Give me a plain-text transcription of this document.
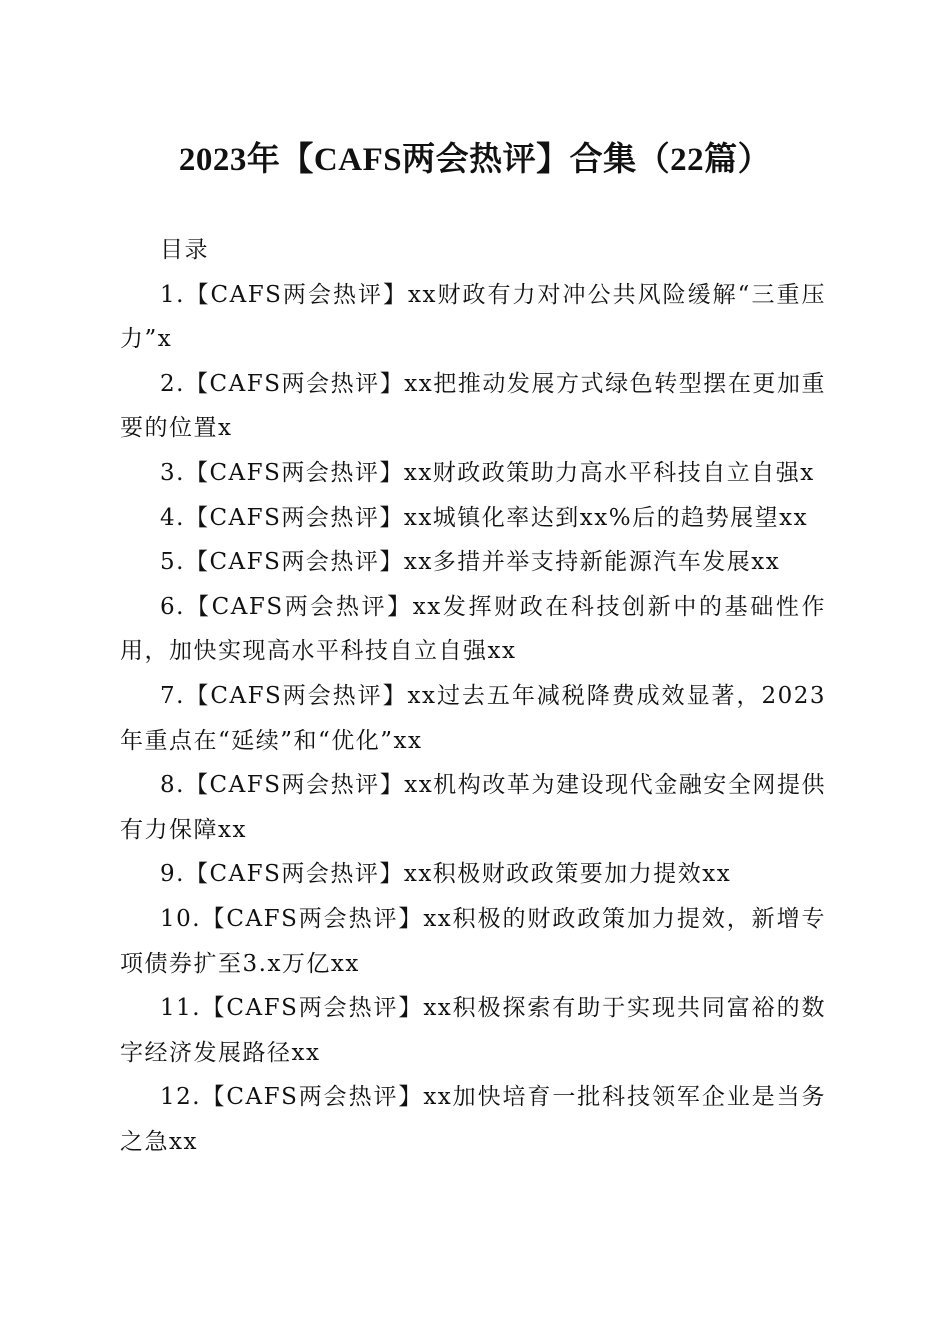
2023年【CAFS两会热评】合集（22篇）
目录
1.【CAFS两会热评】xx财政有力对冲公共风险缓解“三重压力”x
2.【CAFS两会热评】xx把推动发展方式绿色转型摆在更加重要的位置x
3.【CAFS两会热评】xx财政政策助力高水平科技自立自强x
4.【CAFS两会热评】xx城镇化率达到xx%后的趋势展望xx
5.【CAFS两会热评】xx多措并举支持新能源汽车发展xx
6.【CAFS两会热评】xx发挥财政在科技创新中的基础性作用，加快实现高水平科技自立自强xx
7.【CAFS两会热评】xx过去五年减税降费成效显著，2023年重点在“延续”和“优化”xx
8.【CAFS两会热评】xx机构改革为建设现代金融安全网提供有力保障xx
9.【CAFS两会热评】xx积极财政政策要加力提效xx
10.【CAFS两会热评】xx积极的财政政策加力提效，新增专项债券扩至3.x万亿xx
11.【CAFS两会热评】xx积极探索有助于实现共同富裕的数字经济发展路径xx
12.【CAFS两会热评】xx加快培育一批科技领军企业是当务之急xx
